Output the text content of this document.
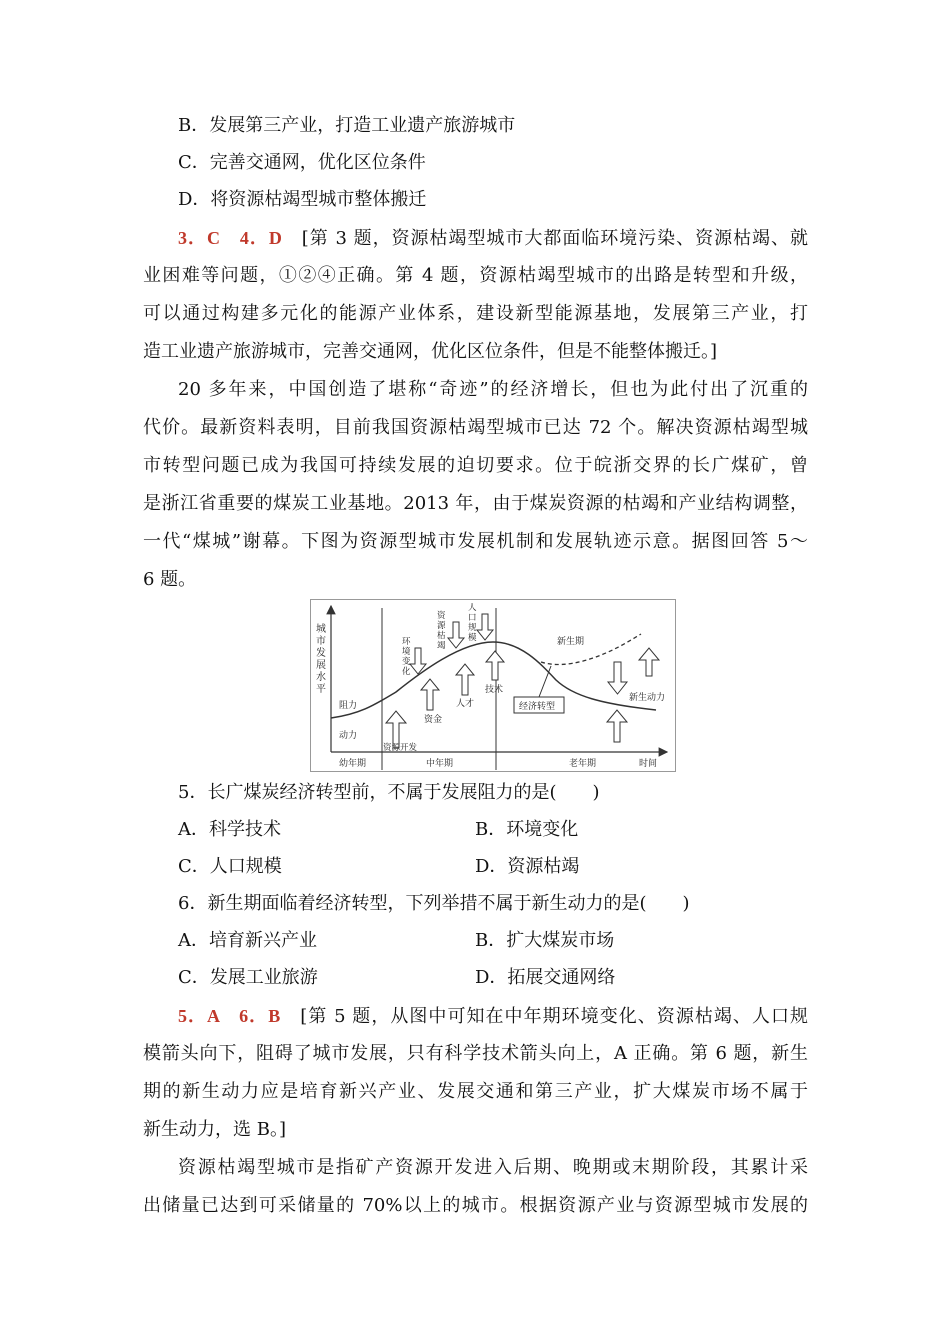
B．发展第三产业，打造工业遗产旅游城市
C．完善交通网，优化区位条件
D．将资源枯竭型城市整体搬迁
3．C　4．D　[第 3 题，资源枯竭型城市大都面临环境污染、资源枯竭、就
业困难等问题，①②④正确。第 4 题，资源枯竭型城市的出路是转型和升级，
可以通过构建多元化的能源产业体系，建设新型能源基地，发展第三产业，打
造工业遗产旅游城市，完善交通网，优化区位条件，但是不能整体搬迁。]
20 多年来，中国创造了堪称“奇迹”的经济增长，但也为此付出了沉重的
代价。最新资料表明，目前我国资源枯竭型城市已达 72 个。解决资源枯竭型城
市转型问题已成为我国可持续发展的迫切要求。位于皖浙交界的长广煤矿，曾
是浙江省重要的煤炭工业基地。2013 年，由于煤炭资源的枯竭和产业结构调整，
一代“煤城”谢幕。下图为资源型城市发展机制和发展轨迹示意。据图回答 5～
6 题。
城
市
发
展
水
平
阻力
动力
资源开发
资金
人才
技术
环
境
变
化
资
源
枯
竭
人
口
规
模	新生期
新生动力
经济转型
幼年期	中年期	老年期	时间
5．长广煤炭经济转型前，不属于发展阻力的是(　　)
A．科学技术	B．环境变化
C．人口规模	D．资源枯竭
6．新生期面临着经济转型，下列举措不属于新生动力的是(　　)
A．培育新兴产业	B．扩大煤炭市场
C．发展工业旅游	D．拓展交通网络
5．A　6．B　[第 5 题，从图中可知在中年期环境变化、资源枯竭、人口规
模箭头向下，阻碍了城市发展，只有科学技术箭头向上，A 正确。第 6 题，新生
期的新生动力应是培育新兴产业、发展交通和第三产业，扩大煤炭市场不属于
新生动力，选 B。]
资源枯竭型城市是指矿产资源开发进入后期、晚期或末期阶段，其累计采
出储量已达到可采储量的 70%以上的城市。根据资源产业与资源型城市发展的
